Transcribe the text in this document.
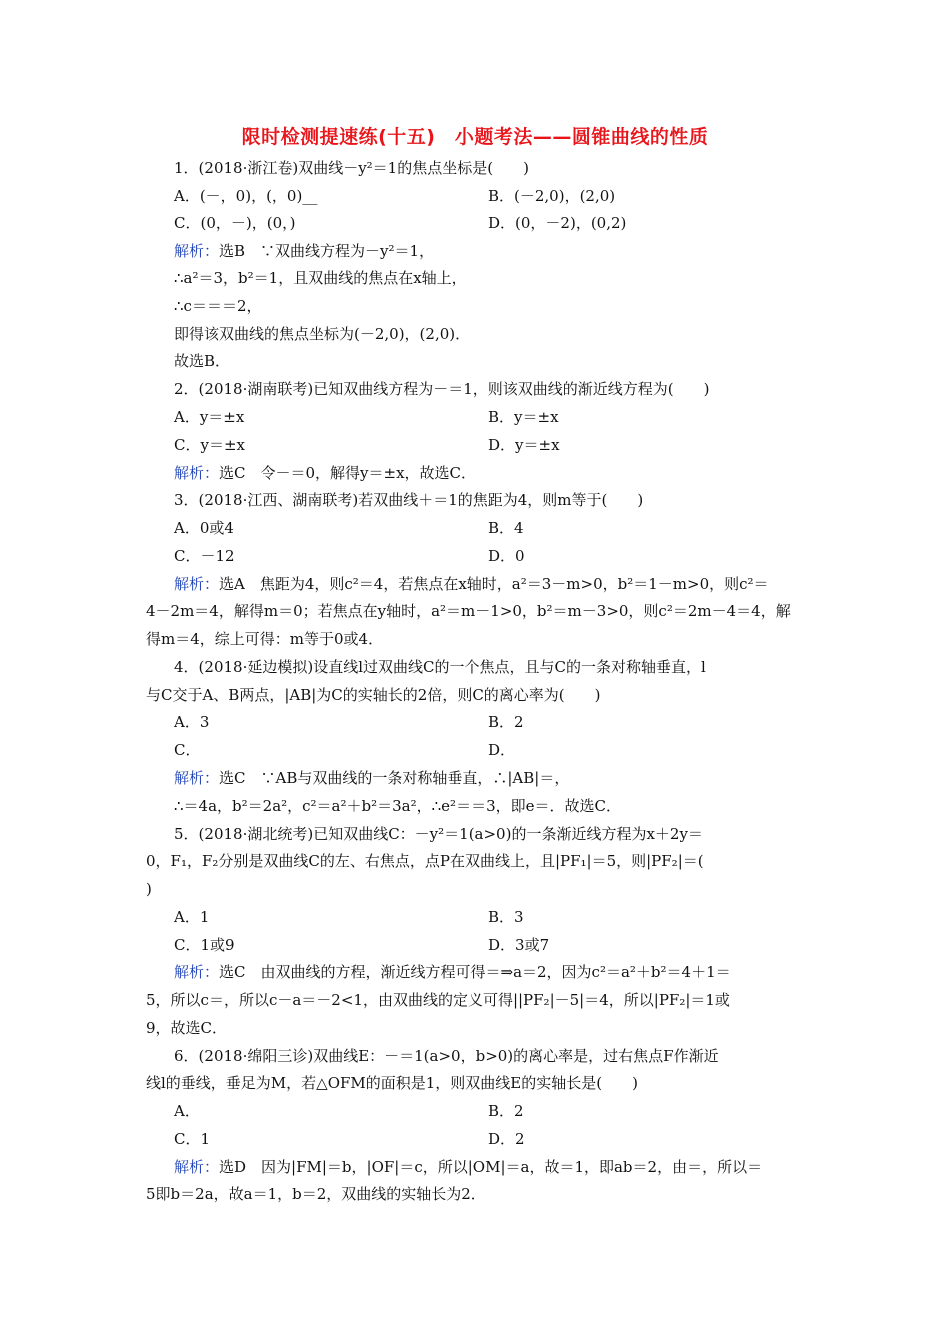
限时检测提速练(十五)　小题考法——圆锥曲线的性质
1．(2018·浙江卷)双曲线－y²＝1的焦点坐标是(　　)
A．(－，0)，(，0)__	B．(－2,0)，(2,0)
C．(0，－)，(0，)	D．(0，－2)，(0,2)
解析：选B　∵双曲线方程为－y²＝1，
∴a²＝3，b²＝1，且双曲线的焦点在x轴上，
∴c＝＝＝2，
即得该双曲线的焦点坐标为(－2,0)，(2,0)．
故选B．
2．(2018·湖南联考)已知双曲线方程为－＝1，则该双曲线的渐近线方程为(　　)
A．y＝±x	B．y＝±x
C．y＝±x	D．y＝±x
解析：选C　令－＝0，解得y＝±x，故选C．
3．(2018·江西、湖南联考)若双曲线＋＝1的焦距为4，则m等于(　　)
A．0或4	B．4
C．－12	D．0
解析：选A　焦距为4，则c²＝4，若焦点在x轴时，a²＝3－m>0，b²＝1－m>0，则c²＝
4－2m＝4，解得m＝0；若焦点在y轴时，a²＝m－1>0，b²＝m－3>0，则c²＝2m－4＝4，解
得m＝4，综上可得：m等于0或4．
4．(2018·延边模拟)设直线l过双曲线C的一个焦点，且与C的一条对称轴垂直，l
与C交于A、B两点，|AB|为C的实轴长的2倍，则C的离心率为(　　)
A．3	B．2
C．	D．
解析：选C　∵AB与双曲线的一条对称轴垂直，∴|AB|＝，
∴＝4a，b²＝2a²，c²＝a²＋b²＝3a²，∴e²＝＝3，即e＝．故选C．
5．(2018·湖北统考)已知双曲线C：－y²＝1(a>0)的一条渐近线方程为x＋2y＝
0，F₁，F₂分别是双曲线C的左、右焦点，点P在双曲线上，且|PF₁|＝5，则|PF₂|＝(
)
A．1	B．3
C．1或9	D．3或7
解析：选C　由双曲线的方程，渐近线方程可得＝⇒a＝2，因为c²＝a²＋b²＝4＋1＝
5，所以c＝，所以c－a＝－2<1，由双曲线的定义可得||PF₂|－5|＝4，所以|PF₂|＝1或
9，故选C．
6．(2018·绵阳三诊)双曲线E：－＝1(a>0，b>0)的离心率是，过右焦点F作渐近
线l的垂线，垂足为M，若△OFM的面积是1，则双曲线E的实轴长是(　　)
A．	B．2
C．1	D．2
解析：选D　因为|FM|＝b，|OF|＝c，所以|OM|＝a，故＝1，即ab＝2，由＝，所以＝
5即b＝2a，故a＝1，b＝2，双曲线的实轴长为2．
